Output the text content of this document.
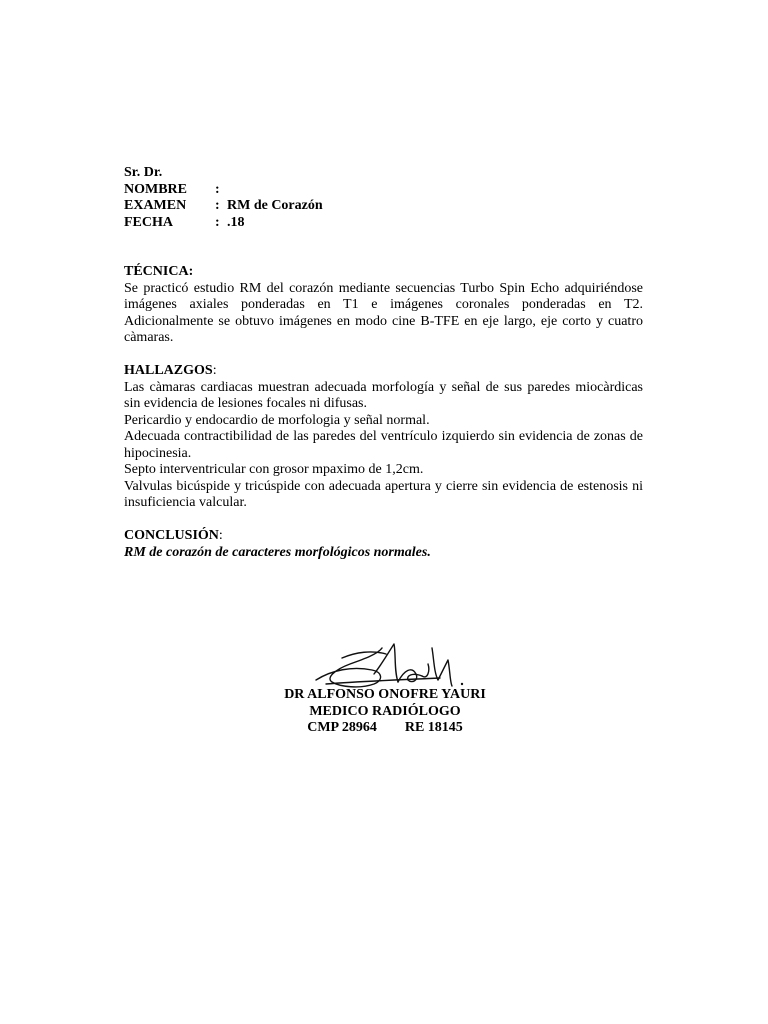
Sr. Dr.
NOMBRE	:
EXAMEN	: RM de Corazón
FECHA	: .18
TÉCNICA:
Se practicó estudio RM del corazón mediante secuencias Turbo Spin Echo adquiriéndose imágenes axiales ponderadas en T1 e imágenes coronales ponderadas en T2. Adicionalmente se obtuvo imágenes en modo cine B-TFE en eje largo, eje corto y cuatro càmaras.
HALLAZGOS:
Las càmaras cardiacas muestran adecuada morfología y señal de sus paredes miocàrdicas sin evidencia de lesiones focales ni difusas.
Pericardio y endocardio de morfologia y señal normal.
Adecuada contractibilidad de las paredes del ventrículo izquierdo sin evidencia de zonas de hipocinesia.
Septo interventricular con grosor mpaximo de 1,2cm.
Valvulas bicúspide y tricúspide con adecuada apertura y cierre sin evidencia de estenosis ni insuficiencia valcular.
CONCLUSIÓN:
RM de corazón de caracteres morfológicos normales.
DR ALFONSO ONOFRE YAURI
MEDICO RADIÓLOGO
CMP 28964 RE 18145
